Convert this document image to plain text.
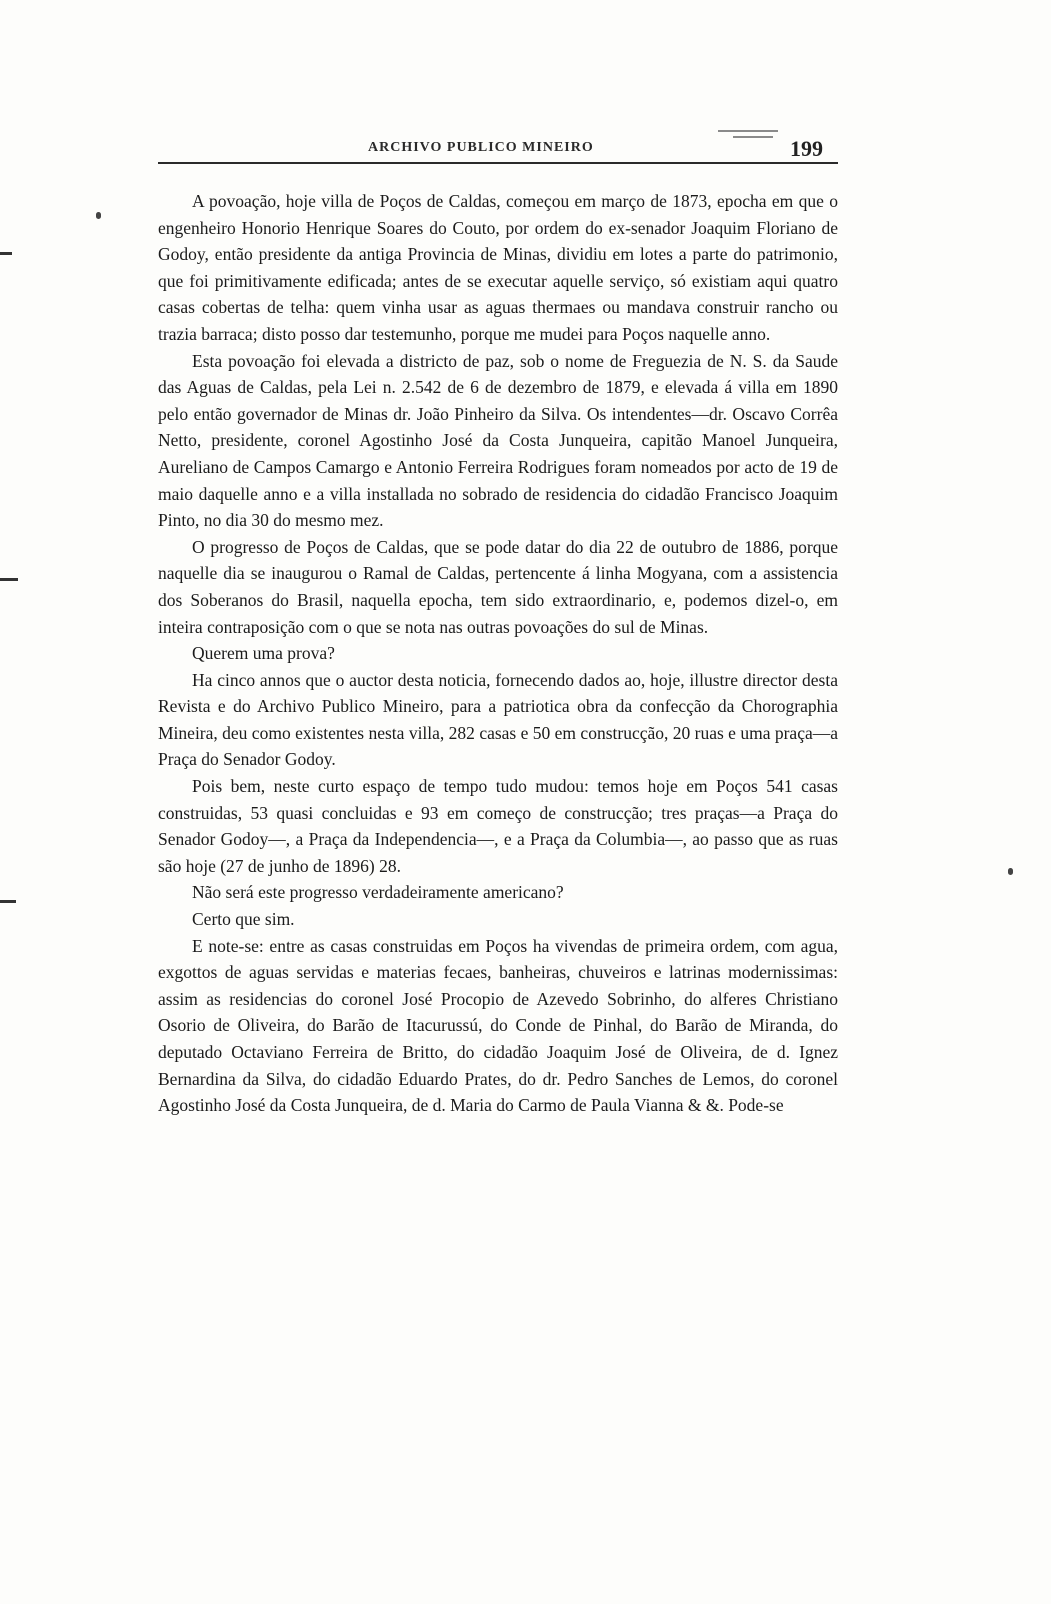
ARCHIVO PUBLICO MINEIRO	199

A povoação, hoje villa de Poços de Caldas, começou em março de 1873, epocha em que o engenheiro Honorio Henrique Soares do Couto, por ordem do ex-senador Joaquim Floriano de Godoy, então presidente da antiga Provincia de Minas, dividiu em lotes a parte do patrimonio, que foi primitivamente edificada; antes de se executar aquelle serviço, só existiam aqui quatro casas cobertas de telha: quem vinha usar as aguas thermaes ou mandava construir rancho ou trazia barraca; disto posso dar testemunho, porque me mudei para Poços naquelle anno.

Esta povoação foi elevada a districto de paz, sob o nome de Freguezia de N. S. da Saude das Aguas de Caldas, pela Lei n. 2.542 de 6 de dezembro de 1879, e elevada á villa em 1890 pelo então governador de Minas dr. João Pinheiro da Silva. Os intendentes—dr. Oscavo Corrêa Netto, presidente, coronel Agostinho José da Costa Junqueira, capitão Manoel Junqueira, Aureliano de Campos Camargo e Antonio Ferreira Rodrigues foram nomeados por acto de 19 de maio daquelle anno e a villa installada no sobrado de residencia do cidadão Francisco Joaquim Pinto, no dia 30 do mesmo mez.

O progresso de Poços de Caldas, que se pode datar do dia 22 de outubro de 1886, porque naquelle dia se inaugurou o Ramal de Caldas, pertencente á linha Mogyana, com a assistencia dos Soberanos do Brasil, naquella epocha, tem sido extraordinario, e, podemos dizel-o, em inteira contraposição com o que se nota nas outras povoações do sul de Minas.

Querem uma prova?

Ha cinco annos que o auctor desta noticia, fornecendo dados ao, hoje, illustre director desta Revista e do Archivo Publico Mineiro, para a patriotica obra da confecção da Chorographia Mineira, deu como existentes nesta villa, 282 casas e 50 em construcção, 20 ruas e uma praça—a Praça do Senador Godoy.

Pois bem, neste curto espaço de tempo tudo mudou: temos hoje em Poços 541 casas construidas, 53 quasi concluidas e 93 em começo de construcção; tres praças—a Praça do Senador Godoy—, a Praça da Independencia—, e a Praça da Columbia—, ao passo que as ruas são hoje (27 de junho de 1896) 28.

Não será este progresso verdadeiramente americano?

Certo que sim.

E note-se: entre as casas construidas em Poços ha vivendas de primeira ordem, com agua, exgottos de aguas servidas e materias fecaes, banheiras, chuveiros e latrinas modernissimas: assim as residencias do coronel José Procopio de Azevedo Sobrinho, do alferes Christiano Osorio de Oliveira, do Barão de Itacurussú, do Conde de Pinhal, do Barão de Miranda, do deputado Octaviano Ferreira de Britto, do cidadão Joaquim José de Oliveira, de d. Ignez Bernardina da Silva, do cidadão Eduardo Prates, do dr. Pedro Sanches de Lemos, do coronel Agostinho José da Costa Junqueira, de d. Maria do Carmo de Paula Vianna & &. Pode-se
